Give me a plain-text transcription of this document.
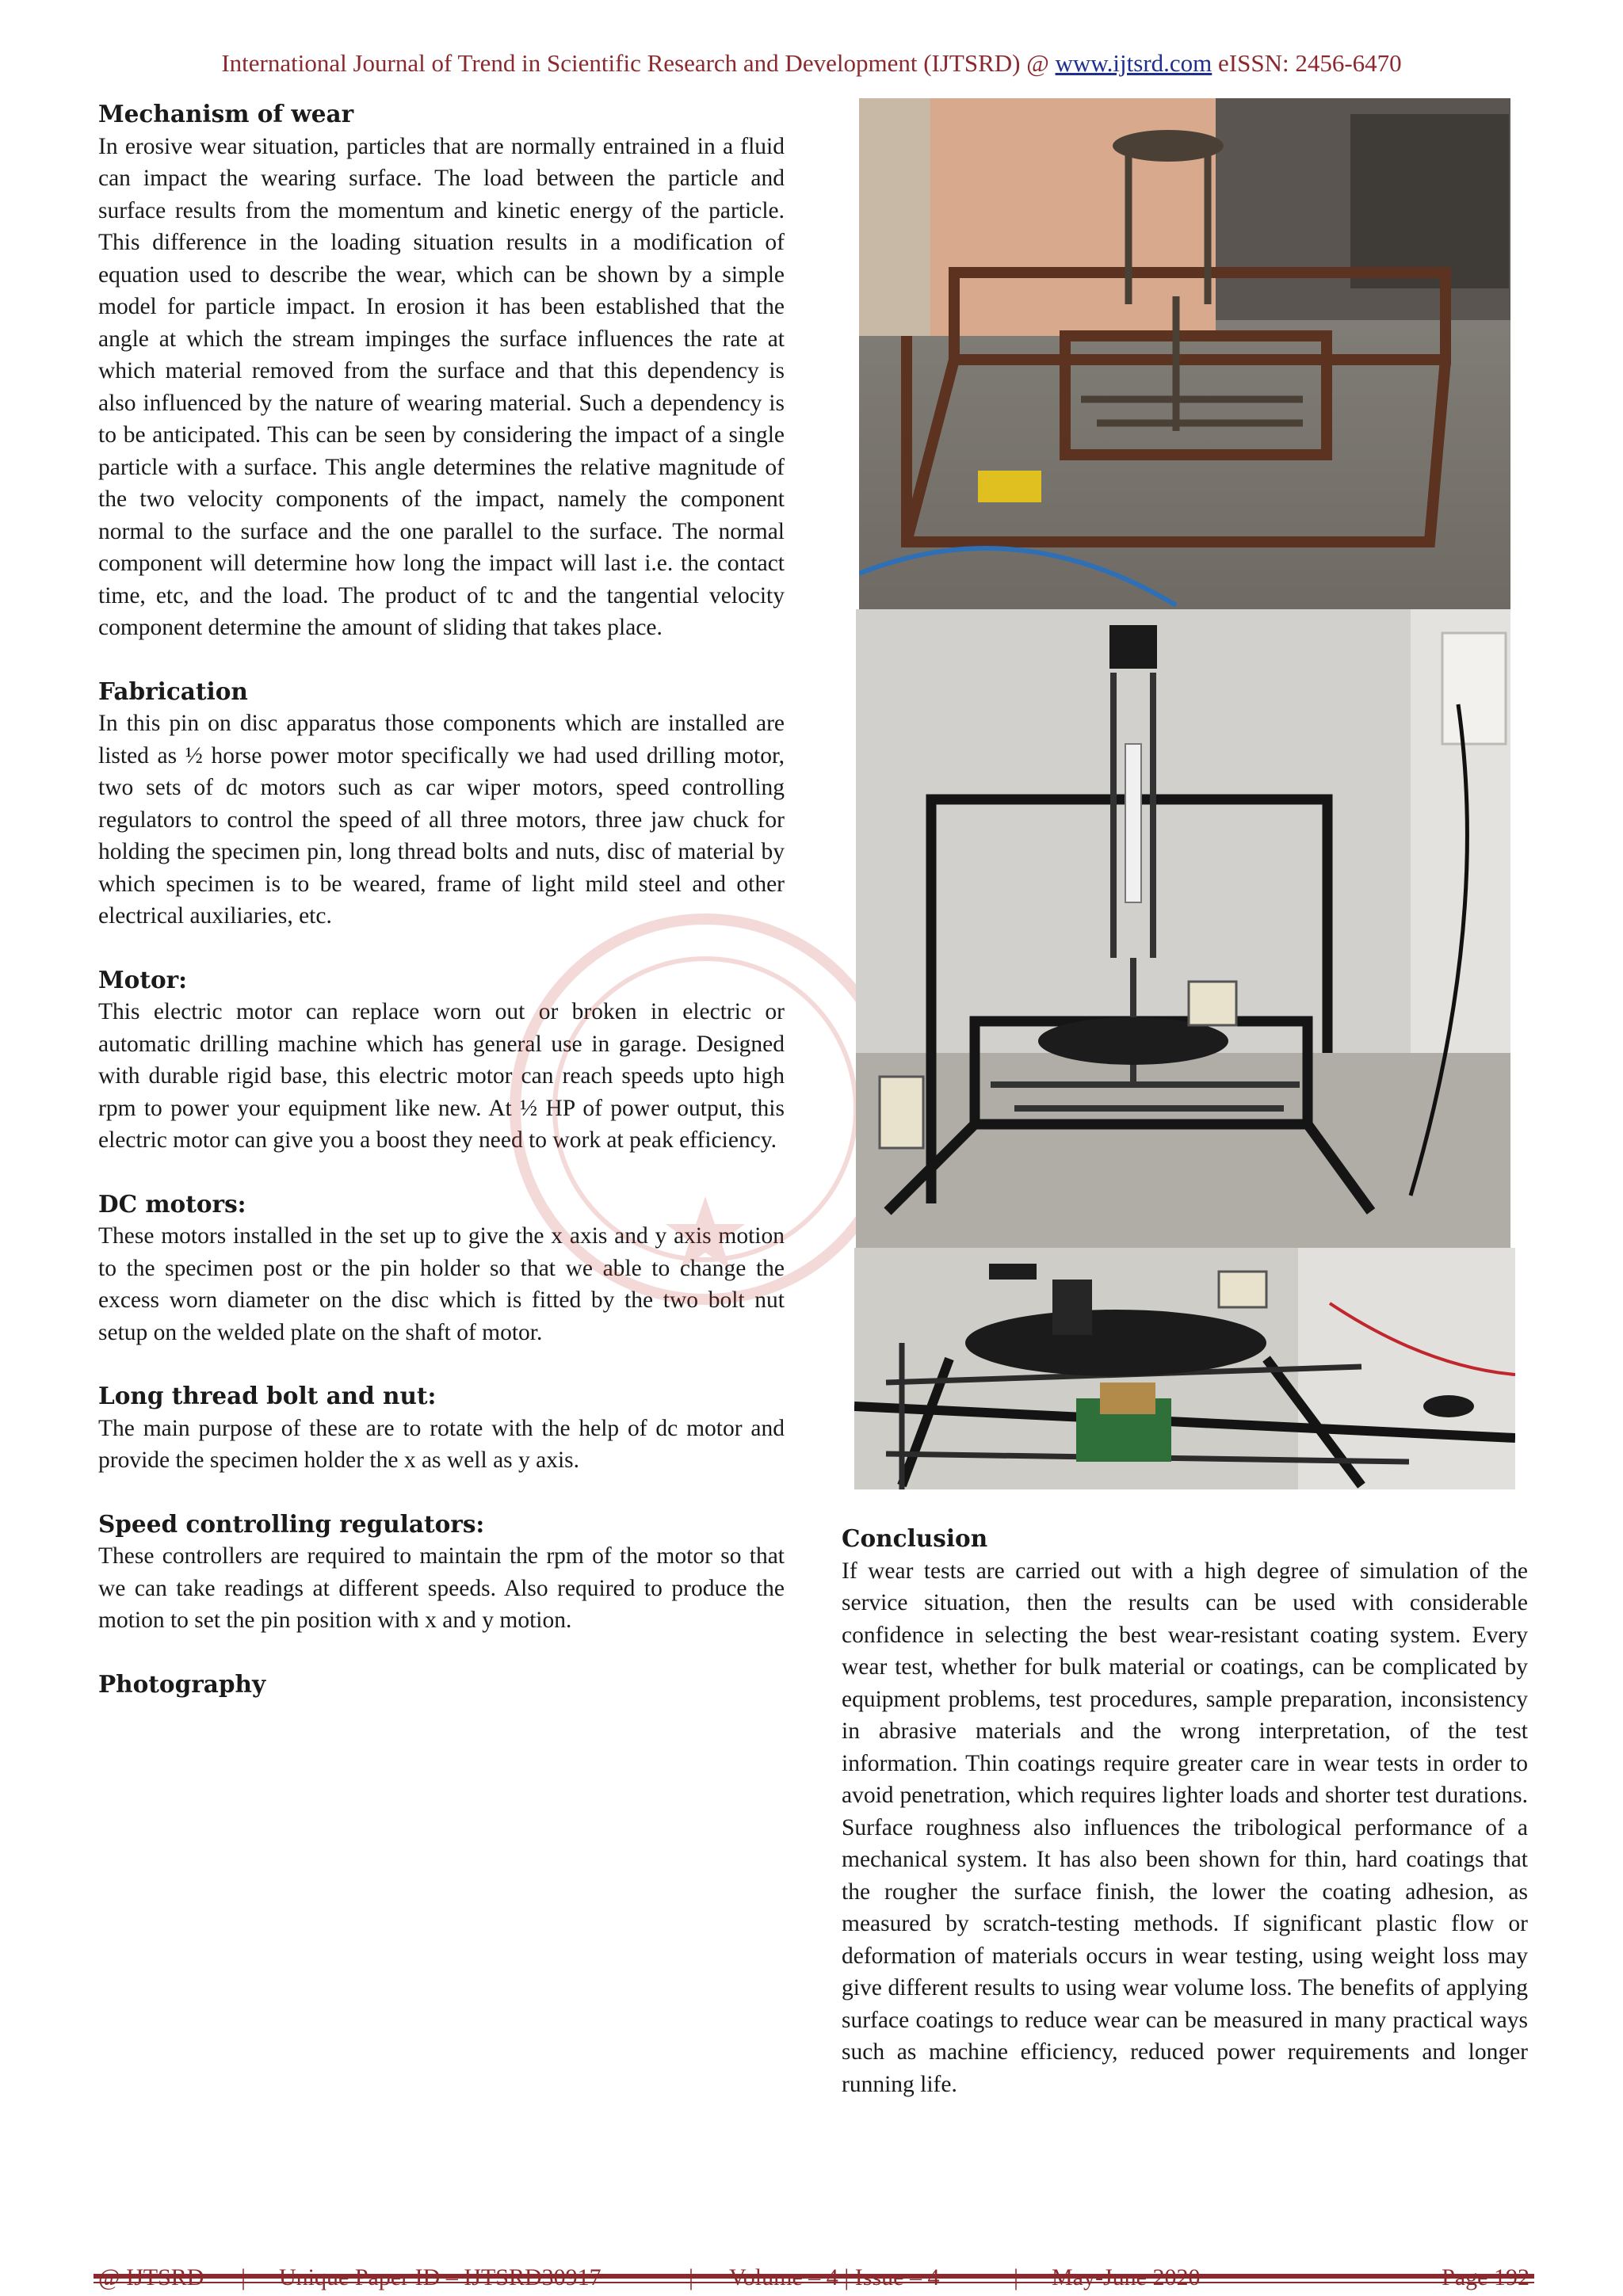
International Journal of Trend in Scientific Research and Development (IJTSRD) @ www.ijtsrd.com eISSN: 2456-6470
Mechanism of wear
In erosive wear situation, particles that are normally entrained in a fluid can impact the wearing surface. The load between the particle and surface results from the momentum and kinetic energy of the particle. This difference in the loading situation results in a modification of equation used to describe the wear, which can be shown by a simple model for particle impact. In erosion it has been established that the angle at which the stream impinges the surface influences the rate at which material removed from the surface and that this dependency is also influenced by the nature of wearing material. Such a dependency is to be anticipated. This can be seen by considering the impact of a single particle with a surface. This angle determines the relative magnitude of the two velocity components of the impact, namely the component normal to the surface and the one parallel to the surface. The normal component will determine how long the impact will last i.e. the contact time, etc, and the load. The product of tc and the tangential velocity component determine the amount of sliding that takes place.
Fabrication
In this pin on disc apparatus those components which are installed are listed as ½ horse power motor specifically we had used drilling motor, two sets of dc motors such as car wiper motors, speed controlling regulators to control the speed of all three motors, three jaw chuck for holding the specimen pin, long thread bolts and nuts, disc of material by which specimen is to be weared, frame of light mild steel and other electrical auxiliaries, etc.
Motor:
This electric motor can replace worn out or broken in electric or automatic drilling machine which has general use in garage. Designed with durable rigid base, this electric motor can reach speeds upto high rpm to power your equipment like new. At ½ HP of power output, this electric motor can give you a boost they need to work at peak efficiency.
DC motors:
These motors installed in the set up to give the x axis and y axis motion to the specimen post or the pin holder so that we able to change the excess worn diameter on the disc which is fitted by the two bolt nut setup on the welded plate on the shaft of motor.
Long thread bolt and nut:
The main purpose of these are to rotate with the help of dc motor and provide the specimen holder the x as well as y axis.
Speed controlling regulators:
These controllers are required to maintain the rpm of the motor so that we can take readings at different speeds. Also required to produce the motion to set the pin position with x and y motion.
Photography
Conclusion
If wear tests are carried out with a high degree of simulation of the service situation, then the results can be used with considerable confidence in selecting the best wear-resistant coating system. Every wear test, whether for bulk material or coatings, can be complicated by equipment problems, test procedures, sample preparation, inconsistency in abrasive materials and the wrong interpretation, of the test information. Thin coatings require greater care in wear tests in order to avoid penetration, which requires lighter loads and shorter test durations. Surface roughness also influences the tribological performance of a mechanical system. It has also been shown for thin, hard coatings that the rougher the surface finish, the lower the coating adhesion, as measured by scratch-testing methods. If significant plastic flow or deformation of materials occurs in wear testing, using weight loss may give different results to using wear volume loss. The benefits of applying surface coatings to reduce wear can be measured in many practical ways such as machine efficiency, reduced power requirements and longer running life.
@ IJTSRD | Unique Paper ID – IJTSRD30917	| Volume – 4 | Issue – 4	| May-June 2020	Page 192
